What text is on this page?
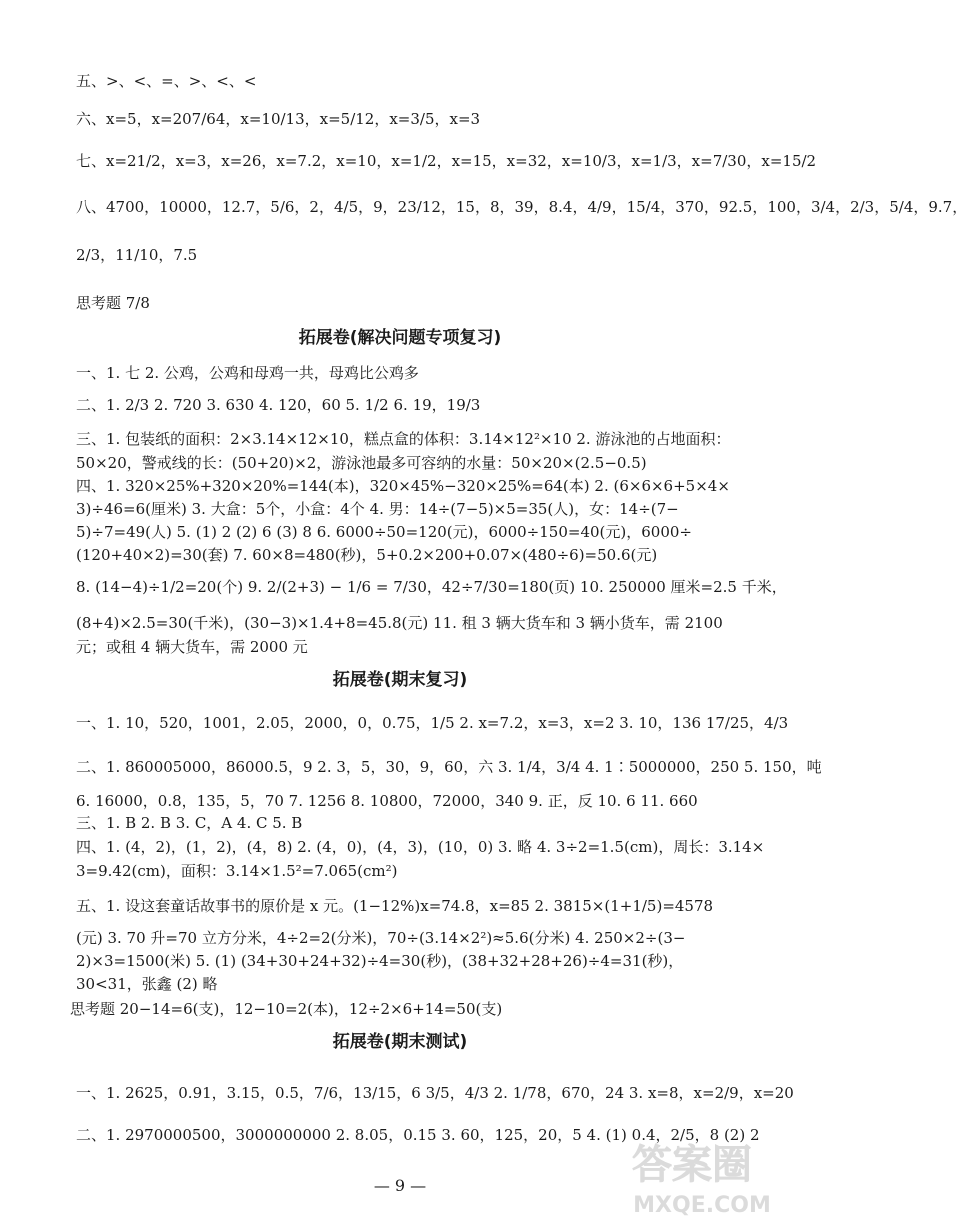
五、>、<、=、>、<、<
六、x=5，x=207/64，x=10/13，x=5/12，x=3/5，x=3
七、x=21/2，x=3，x=26，x=7.2，x=10，x=1/2，x=15，x=32，x=10/3，x=1/3，x=7/30，x=15/2
八、4700，10000，12.7，5/6，2，4/5，9，23/12，15，8，39，8.4，4/9，15/4，370，92.5，100，3/4，2/3，5/4，9.7，
2/3，11/10，7.5
思考题 7/8
拓展卷(解决问题专项复习)
一、1. 七 2. 公鸡，公鸡和母鸡一共，母鸡比公鸡多
二、1. 2/3 2. 720 3. 630 4. 120，60 5. 1/2 6. 19，19/3
三、1. 包装纸的面积：2×3.14×12×10，糕点盒的体积：3.14×12²×10 2. 游泳池的占地面积：
50×20，警戒线的长：(50+20)×2，游泳池最多可容纳的水量：50×20×(2.5−0.5)
四、1. 320×25%+320×20%=144(本)，320×45%−320×25%=64(本) 2. (6×6×6+5×4×
3)÷46=6(厘米) 3. 大盒：5个，小盒：4个 4. 男：14÷(7−5)×5=35(人)，女：14÷(7−
5)÷7=49(人) 5. (1) 2 (2) 6 (3) 8 6. 6000÷50=120(元)，6000÷150=40(元)，6000÷
(120+40×2)=30(套) 7. 60×8=480(秒)，5+0.2×200+0.07×(480÷6)=50.6(元)
8. (14−4)÷1/2=20(个) 9. 2/(2+3) − 1/6 = 7/30，42÷7/30=180(页) 10. 250000 厘米=2.5 千米，
(8+4)×2.5=30(千米)，(30−3)×1.4+8=45.8(元) 11. 租 3 辆大货车和 3 辆小货车，需 2100
元；或租 4 辆大货车，需 2000 元
拓展卷(期末复习)
一、1. 10，520，1001，2.05，2000，0，0.75，1/5 2. x=7.2，x=3，x=2 3. 10，136 17/25，4/3
二、1. 860005000，86000.5，9 2. 3，5，30，9，60，六 3. 1/4，3/4 4. 1∶5000000，250 5. 150，吨
6. 16000，0.8，135，5，70 7. 1256 8. 10800，72000，340 9. 正，反 10. 6 11. 660
三、1. B 2. B 3. C，A 4. C 5. B
四、1. (4，2)，(1，2)，(4，8) 2. (4，0)，(4，3)，(10，0) 3. 略 4. 3÷2=1.5(cm)，周长：3.14×
3=9.42(cm)，面积：3.14×1.5²=7.065(cm²)
五、1. 设这套童话故事书的原价是 x 元。(1−12%)x=74.8，x=85 2. 3815×(1+1/5)=4578
(元) 3. 70 升=70 立方分米，4÷2=2(分米)，70÷(3.14×2²)≈5.6(分米) 4. 250×2÷(3−
2)×3=1500(米) 5. (1) (34+30+24+32)÷4=30(秒)，(38+32+28+26)÷4=31(秒)，
30<31，张鑫 (2) 略
思考题 20−14=6(支)，12−10=2(本)，12÷2×6+14=50(支)
拓展卷(期末测试)
一、1. 2625，0.91，3.15，0.5，7/6，13/15，6 3/5，4/3 2. 1/78，670，24 3. x=8，x=2/9，x=20
二、1. 2970000500，3000000000 2. 8.05，0.15 3. 60，125，20，5 4. (1) 0.4，2/5，8 (2) 2
— 9 —	答案圈
MXQE.COM
